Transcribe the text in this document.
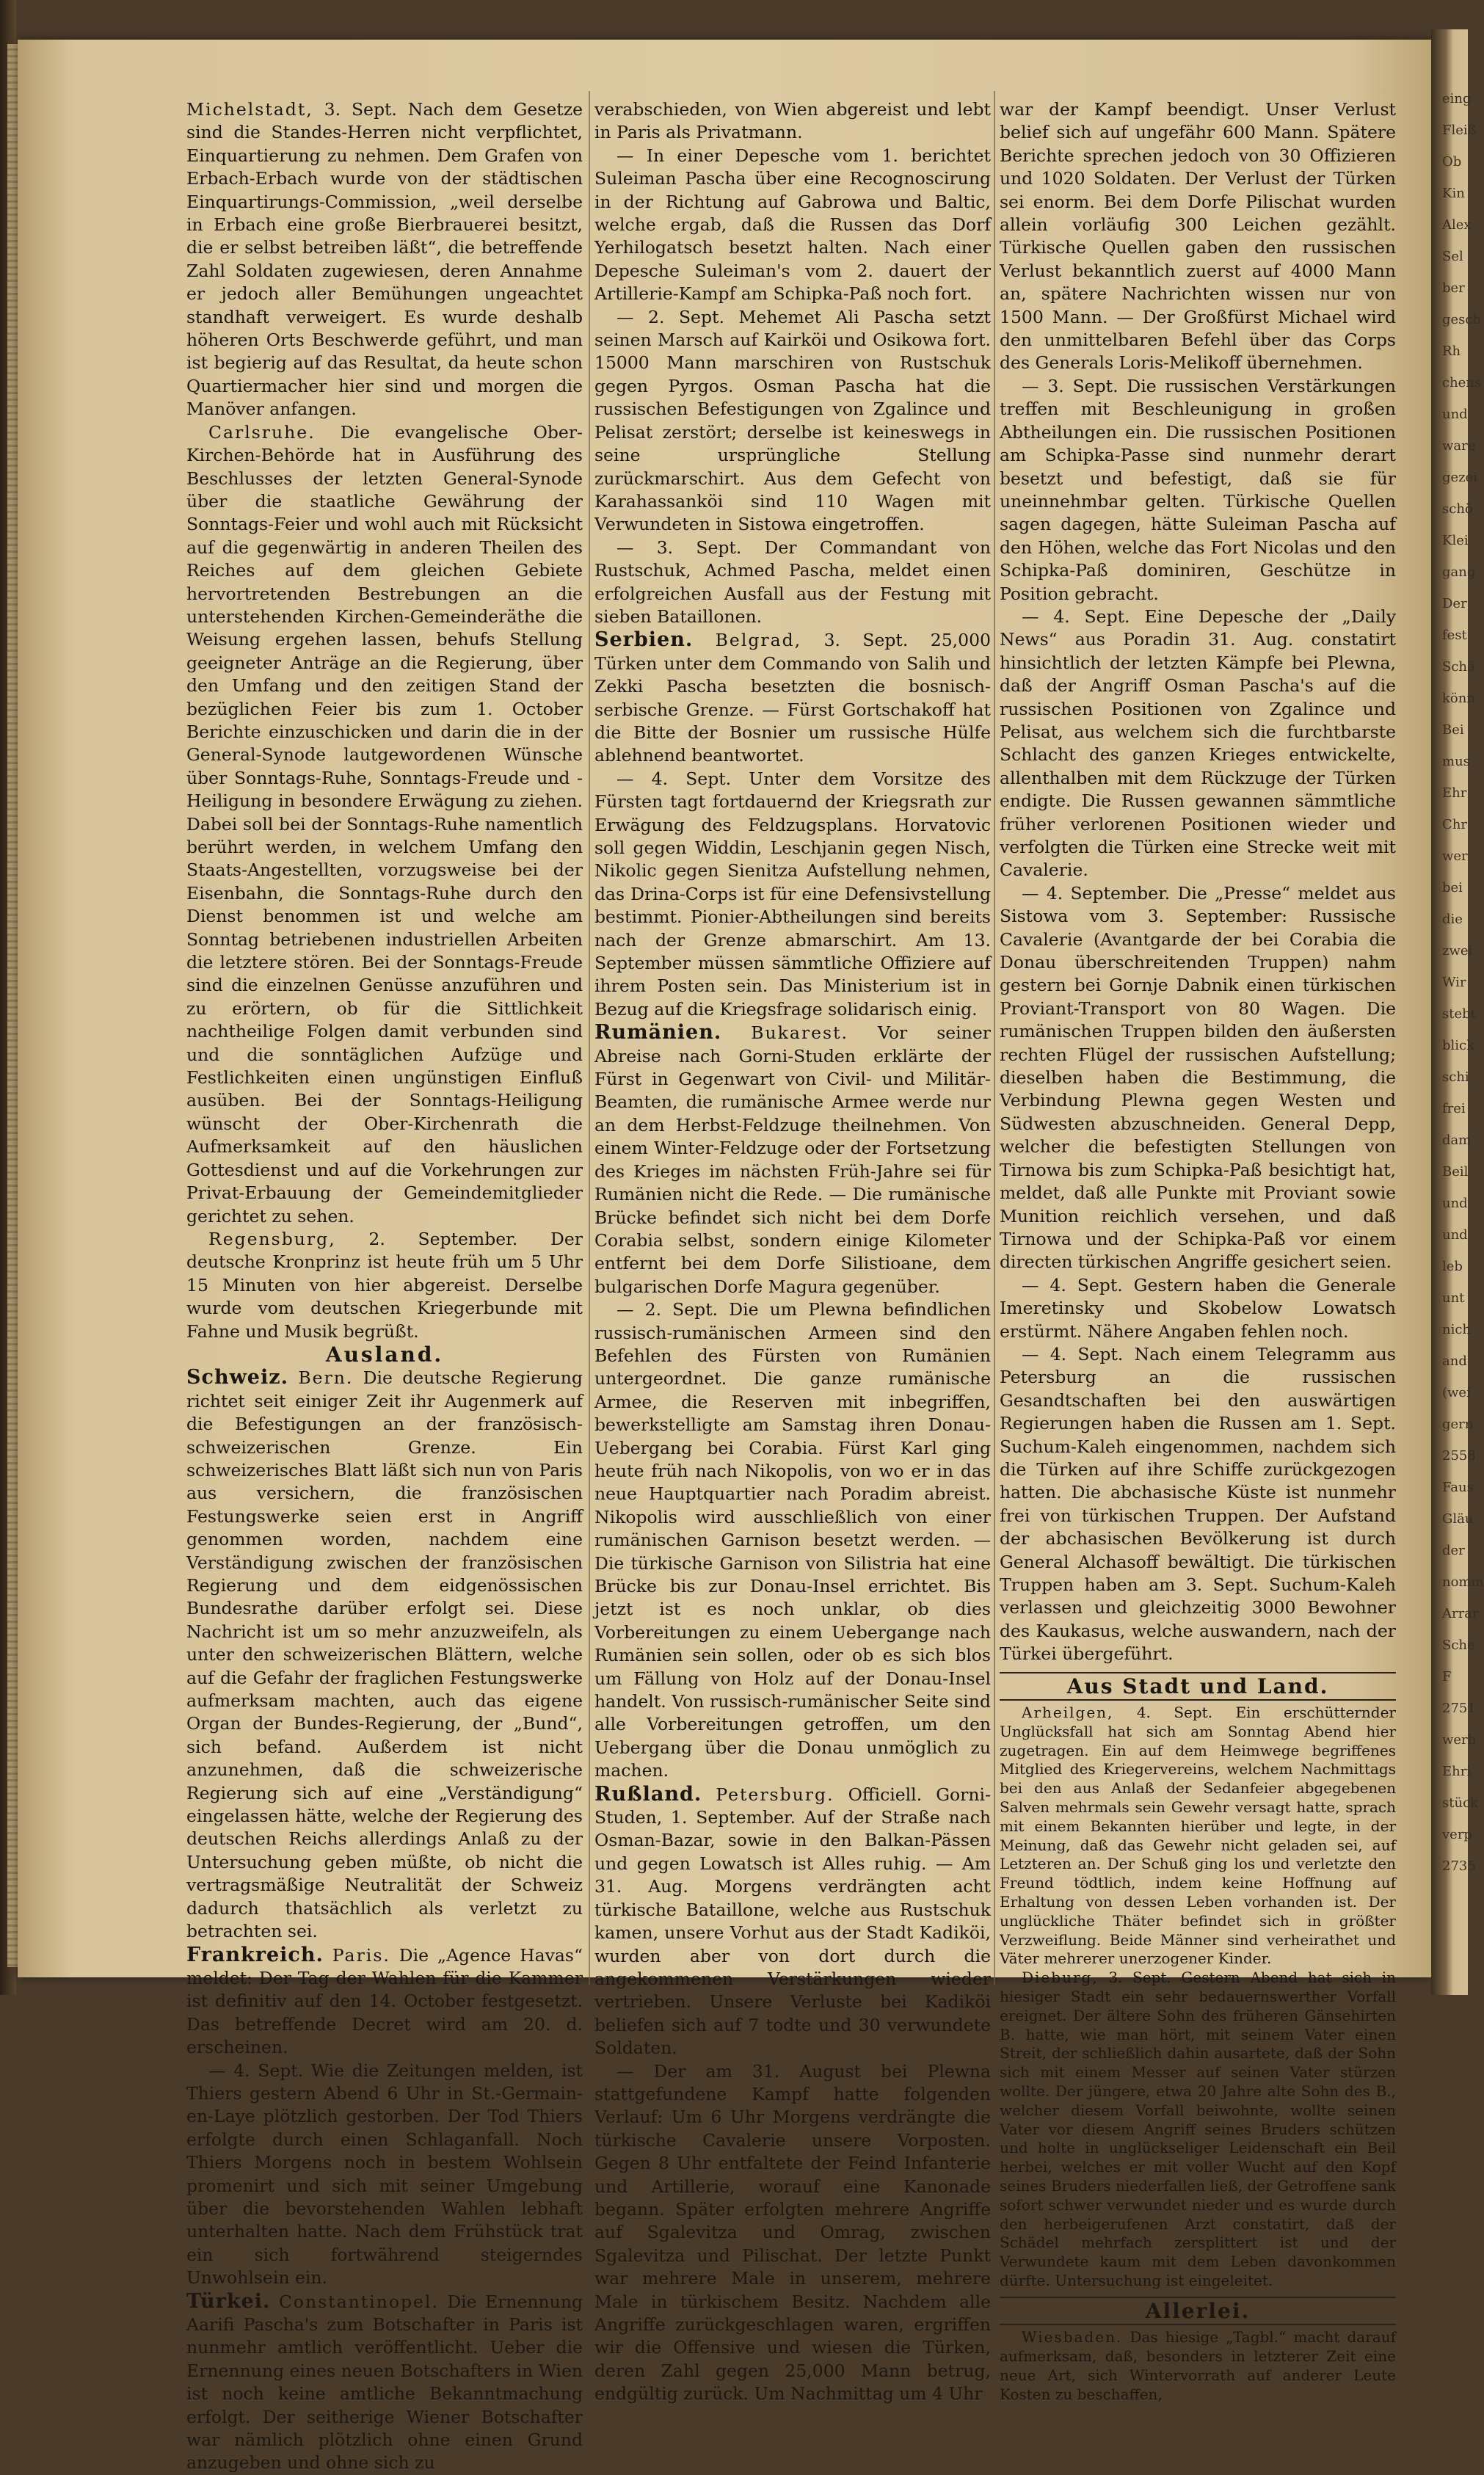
Michelstadt, 3. Sept. Nach dem Gesetze sind die Standes-Herren nicht verpflichtet, Einquartierung zu nehmen. Dem Grafen von Erbach-Erbach wurde von der städtischen Einquartirungs-Commission, „weil derselbe in Erbach eine große Bierbrauerei besitzt, die er selbst betreiben läßt“, die betreffende Zahl Soldaten zugewiesen, deren Annahme er jedoch aller Bemühungen ungeachtet standhaft verweigert. Es wurde deshalb höheren Orts Beschwerde geführt, und man ist begierig auf das Resultat, da heute schon Quartiermacher hier sind und morgen die Manöver anfangen.

Carlsruhe. Die evangelische Ober-Kirchen-Behörde hat in Ausführung des Beschlusses der letzten General-Synode über die staatliche Gewährung der Sonntags-Feier und wohl auch mit Rücksicht auf die gegenwärtig in anderen Theilen des Reiches auf dem gleichen Gebiete hervortretenden Bestrebungen an die unterstehenden Kirchen-Gemeinderäthe die Weisung ergehen lassen, behufs Stellung geeigneter Anträge an die Regierung, über den Umfang und den zeitigen Stand der bezüglichen Feier bis zum 1. October Berichte einzuschicken und darin die in der General-Synode lautgewordenen Wünsche über Sonntags-Ruhe, Sonntags-Freude und -Heiligung in besondere Erwägung zu ziehen. Dabei soll bei der Sonntags-Ruhe namentlich berührt werden, in welchem Umfang den Staats-Angestellten, vorzugsweise bei der Eisenbahn, die Sonntags-Ruhe durch den Dienst benommen ist und welche am Sonntag betriebenen industriellen Arbeiten die letztere stören. Bei der Sonntags-Freude sind die einzelnen Genüsse anzuführen und zu erörtern, ob für die Sittlichkeit nachtheilige Folgen damit verbunden sind und die sonntäglichen Aufzüge und Festlichkeiten einen ungünstigen Einfluß ausüben. Bei der Sonntags-Heiligung wünscht der Ober-Kirchenrath die Aufmerksamkeit auf den häuslichen Gottesdienst und auf die Vorkehrungen zur Privat-Erbauung der Gemeindemitglieder gerichtet zu sehen.

Regensburg, 2. September. Der deutsche Kronprinz ist heute früh um 5 Uhr 15 Minuten von hier abgereist. Derselbe wurde vom deutschen Kriegerbunde mit Fahne und Musik begrüßt.

Ausland.

Schweiz. Bern. Die deutsche Regierung richtet seit einiger Zeit ihr Augenmerk auf die Befestigungen an der französisch-schweizerischen Grenze. Ein schweizerisches Blatt läßt sich nun von Paris aus versichern, die französischen Festungswerke seien erst in Angriff genommen worden, nachdem eine Verständigung zwischen der französischen Regierung und dem eidgenössischen Bundesrathe darüber erfolgt sei. Diese Nachricht ist um so mehr anzuzweifeln, als unter den schweizerischen Blättern, welche auf die Gefahr der fraglichen Festungswerke aufmerksam machten, auch das eigene Organ der Bundes-Regierung, der „Bund“, sich befand. Außerdem ist nicht anzunehmen, daß die schweizerische Regierung sich auf eine „Verständigung“ eingelassen hätte, welche der Regierung des deutschen Reichs allerdings Anlaß zu der Untersuchung geben müßte, ob nicht die vertragsmäßige Neutralität der Schweiz dadurch thatsächlich als verletzt zu betrachten sei.

Frankreich. Paris. Die „Agence Havas“ meldet: Der Tag der Wahlen für die Kammer ist definitiv auf den 14. October festgesetzt. Das betreffende Decret wird am 20. d. erscheinen.

— 4. Sept. Wie die Zeitungen melden, ist Thiers gestern Abend 6 Uhr in St.-Germain-en-Laye plötzlich gestorben. Der Tod Thiers erfolgte durch einen Schlaganfall. Noch Thiers Morgens noch in bestem Wohlsein promenirt und sich mit seiner Umgebung über die bevorstehenden Wahlen lebhaft unterhalten hatte. Nach dem Frühstück trat ein sich fortwährend steigerndes Unwohlsein ein.

Türkei. Constantinopel. Die Ernennung Aarifi Pascha's zum Botschafter in Paris ist nunmehr amtlich veröffentlicht. Ueber die Ernennung eines neuen Botschafters in Wien ist noch keine amtliche Bekanntmachung erfolgt. Der seitherige Wiener Botschafter war nämlich plötzlich ohne einen Grund anzugeben und ohne sich zu

verabschieden, von Wien abgereist und lebt in Paris als Privatmann.

— In einer Depesche vom 1. berichtet Suleiman Pascha über eine Recognoscirung in der Richtung auf Gabrowa und Baltic, welche ergab, daß die Russen das Dorf Yerhilogatsch besetzt halten. Nach einer Depesche Suleiman's vom 2. dauert der Artillerie-Kampf am Schipka-Paß noch fort.

— 2. Sept. Mehemet Ali Pascha setzt seinen Marsch auf Kairköi und Osikowa fort. 15000 Mann marschiren von Rustschuk gegen Pyrgos. Osman Pascha hat die russischen Befestigungen von Zgalince und Pelisat zerstört; derselbe ist keineswegs in seine ursprüngliche Stellung zurückmarschirt. Aus dem Gefecht von Karahassanköi sind 110 Wagen mit Verwundeten in Sistowa eingetroffen.

— 3. Sept. Der Commandant von Rustschuk, Achmed Pascha, meldet einen erfolgreichen Ausfall aus der Festung mit sieben Bataillonen.

Serbien. Belgrad, 3. Sept. 25,000 Türken unter dem Commando von Salih und Zekki Pascha besetzten die bosnisch-serbische Grenze. — Fürst Gortschakoff hat die Bitte der Bosnier um russische Hülfe ablehnend beantwortet.

— 4. Sept. Unter dem Vorsitze des Fürsten tagt fortdauernd der Kriegsrath zur Erwägung des Feldzugsplans. Horvatovic soll gegen Widdin, Leschjanin gegen Nisch, Nikolic gegen Sienitza Aufstellung nehmen, das Drina-Corps ist für eine Defensivstellung bestimmt. Pionier-Abtheilungen sind bereits nach der Grenze abmarschirt. Am 13. September müssen sämmtliche Offiziere auf ihrem Posten sein. Das Ministerium ist in Bezug auf die Kriegsfrage solidarisch einig.

Rumänien. Bukarest. Vor seiner Abreise nach Gorni-Studen erklärte der Fürst in Gegenwart von Civil- und Militär-Beamten, die rumänische Armee werde nur an dem Herbst-Feldzuge theilnehmen. Von einem Winter-Feldzuge oder der Fortsetzung des Krieges im nächsten Früh-Jahre sei für Rumänien nicht die Rede. — Die rumänische Brücke befindet sich nicht bei dem Dorfe Corabia selbst, sondern einige Kilometer entfernt bei dem Dorfe Silistioane, dem bulgarischen Dorfe Magura gegenüber.

— 2. Sept. Die um Plewna befindlichen russisch-rumänischen Armeen sind den Befehlen des Fürsten von Rumänien untergeordnet. Die ganze rumänische Armee, die Reserven mit inbegriffen, bewerkstelligte am Samstag ihren Donau-Uebergang bei Corabia. Fürst Karl ging heute früh nach Nikopolis, von wo er in das neue Hauptquartier nach Poradim abreist. Nikopolis wird ausschließlich von einer rumänischen Garnison besetzt werden. — Die türkische Garnison von Silistria hat eine Brücke bis zur Donau-Insel errichtet. Bis jetzt ist es noch unklar, ob dies Vorbereitungen zu einem Uebergange nach Rumänien sein sollen, oder ob es sich blos um Fällung von Holz auf der Donau-Insel handelt. Von russisch-rumänischer Seite sind alle Vorbereitungen getroffen, um den Uebergang über die Donau unmöglich zu machen.

Rußland. Petersburg. Officiell. Gorni-Studen, 1. September. Auf der Straße nach Osman-Bazar, sowie in den Balkan-Pässen und gegen Lowatsch ist Alles ruhig. — Am 31. Aug. Morgens verdrängten acht türkische Bataillone, welche aus Rustschuk kamen, unsere Vorhut aus der Stadt Kadiköi, wurden aber von dort durch die angekommenen Verstärkungen wieder vertrieben. Unsere Verluste bei Kadiköi beliefen sich auf 7 todte und 30 verwundete Soldaten.

— Der am 31. August bei Plewna stattgefundene Kampf hatte folgenden Verlauf: Um 6 Uhr Morgens verdrängte die türkische Cavalerie unsere Vorposten. Gegen 8 Uhr entfaltete der Feind Infanterie und Artillerie, worauf eine Kanonade begann. Später erfolgten mehrere Angriffe auf Sgalevitza und Omrag, zwischen Sgalevitza und Pilischat. Der letzte Punkt war mehrere Male in unserem, mehrere Male in türkischem Besitz. Nachdem alle Angriffe zurückgeschlagen waren, ergriffen wir die Offensive und wiesen die Türken, deren Zahl gegen 25,000 Mann betrug, endgültig zurück. Um Nachmittag um 4 Uhr

war der Kampf beendigt. Unser Verlust belief sich auf ungefähr 600 Mann. Spätere Berichte sprechen jedoch von 30 Offizieren und 1020 Soldaten. Der Verlust der Türken sei enorm. Bei dem Dorfe Pilischat wurden allein vorläufig 300 Leichen gezählt. Türkische Quellen gaben den russischen Verlust bekanntlich zuerst auf 4000 Mann an, spätere Nachrichten wissen nur von 1500 Mann. — Der Großfürst Michael wird den unmittelbaren Befehl über das Corps des Generals Loris-Melikoff übernehmen.

— 3. Sept. Die russischen Verstärkungen treffen mit Beschleunigung in großen Abtheilungen ein. Die russischen Positionen am Schipka-Passe sind nunmehr derart besetzt und befestigt, daß sie für uneinnehmbar gelten. Türkische Quellen sagen dagegen, hätte Suleiman Pascha auf den Höhen, welche das Fort Nicolas und den Schipka-Paß dominiren, Geschütze in Position gebracht.

— 4. Sept. Eine Depesche der „Daily News“ aus Poradin 31. Aug. constatirt hinsichtlich der letzten Kämpfe bei Plewna, daß der Angriff Osman Pascha's auf die russischen Positionen von Zgalince und Pelisat, aus welchem sich die furchtbarste Schlacht des ganzen Krieges entwickelte, allenthalben mit dem Rückzuge der Türken endigte. Die Russen gewannen sämmtliche früher verlorenen Positionen wieder und verfolgten die Türken eine Strecke weit mit Cavalerie.

— 4. September. Die „Presse“ meldet aus Sistowa vom 3. September: Russische Cavalerie (Avantgarde der bei Corabia die Donau überschreitenden Truppen) nahm gestern bei Gornje Dabnik einen türkischen Proviant-Transport von 80 Wagen. Die rumänischen Truppen bilden den äußersten rechten Flügel der russischen Aufstellung; dieselben haben die Bestimmung, die Verbindung Plewna gegen Westen und Südwesten abzuschneiden. General Depp, welcher die befestigten Stellungen von Tirnowa bis zum Schipka-Paß besichtigt hat, meldet, daß alle Punkte mit Proviant sowie Munition reichlich versehen, und daß Tirnowa und der Schipka-Paß vor einem directen türkischen Angriffe gesichert seien.

— 4. Sept. Gestern haben die Generale Imeretinsky und Skobelow Lowatsch erstürmt. Nähere Angaben fehlen noch.

— 4. Sept. Nach einem Telegramm aus Petersburg an die russischen Gesandtschaften bei den auswärtigen Regierungen haben die Russen am 1. Sept. Suchum-Kaleh eingenommen, nachdem sich die Türken auf ihre Schiffe zurückgezogen hatten. Die abchasische Küste ist nunmehr frei von türkischen Truppen. Der Aufstand der abchasischen Bevölkerung ist durch General Alchasoff bewältigt. Die türkischen Truppen haben am 3. Sept. Suchum-Kaleh verlassen und gleichzeitig 3000 Bewohner des Kaukasus, welche auswandern, nach der Türkei übergeführt.

Aus Stadt und Land.

Arheilgen, 4. Sept. Ein erschütternder Unglücksfall hat sich am Sonntag Abend hier zugetragen. Ein auf dem Heimwege begriffenes Mitglied des Kriegervereins, welchem Nachmittags bei den aus Anlaß der Sedanfeier abgegebenen Salven mehrmals sein Gewehr versagt hatte, sprach mit einem Bekannten hierüber und legte, in der Meinung, daß das Gewehr nicht geladen sei, auf Letzteren an. Der Schuß ging los und verletzte den Freund tödtlich, indem keine Hoffnung auf Erhaltung von dessen Leben vorhanden ist. Der unglückliche Thäter befindet sich in größter Verzweiflung. Beide Männer sind verheirathet und Väter mehrerer unerzogener Kinder.

Dieburg, 3. Sept. Gestern Abend hat sich in hiesiger Stadt ein sehr bedauernswerther Vorfall ereignet. Der ältere Sohn des früheren Gänsehirten B. hatte, wie man hört, mit seinem Vater einen Streit, der schließlich dahin ausartete, daß der Sohn sich mit einem Messer auf seinen Vater stürzen wollte. Der jüngere, etwa 20 Jahre alte Sohn des B., welcher diesem Vorfall beiwohnte, wollte seinen Vater vor diesem Angriff seines Bruders schützen und holte in unglückseliger Leidenschaft ein Beil herbei, welches er mit voller Wucht auf den Kopf seines Bruders niederfallen ließ, der Getroffene sank sofort schwer verwundet nieder und es wurde durch den herbeigerufenen Arzt constatirt, daß der Schädel mehrfach zersplittert ist und der Verwundete kaum mit dem Leben davonkommen dürfte. Untersuchung ist eingeleitet.

Allerlei.

Wiesbaden. Das hiesige „Tagbl.“ macht darauf aufmerksam, daß, besonders in letzterer Zeit eine neue Art, sich Wintervorrath auf anderer Leute Kosten zu beschaffen,

eing
Fleiß
Ob
Kin
Alex
Sel
ber
gesch
Rh
chens
und
ware
gezei
schö
Klei
gang
Der
fest
Schä
könn
Bei
mus
Ehr
Chr
wer
bei
die
zwei
Wir
stebt
blick
schi
frei
dam
Beil
und
und
leb
unt
nich
and
(wei
gern
2558
Faus
Gläu
der
nomm
Arrar
Sche
F
2751
werb
Ehri
stück
verp
2735
